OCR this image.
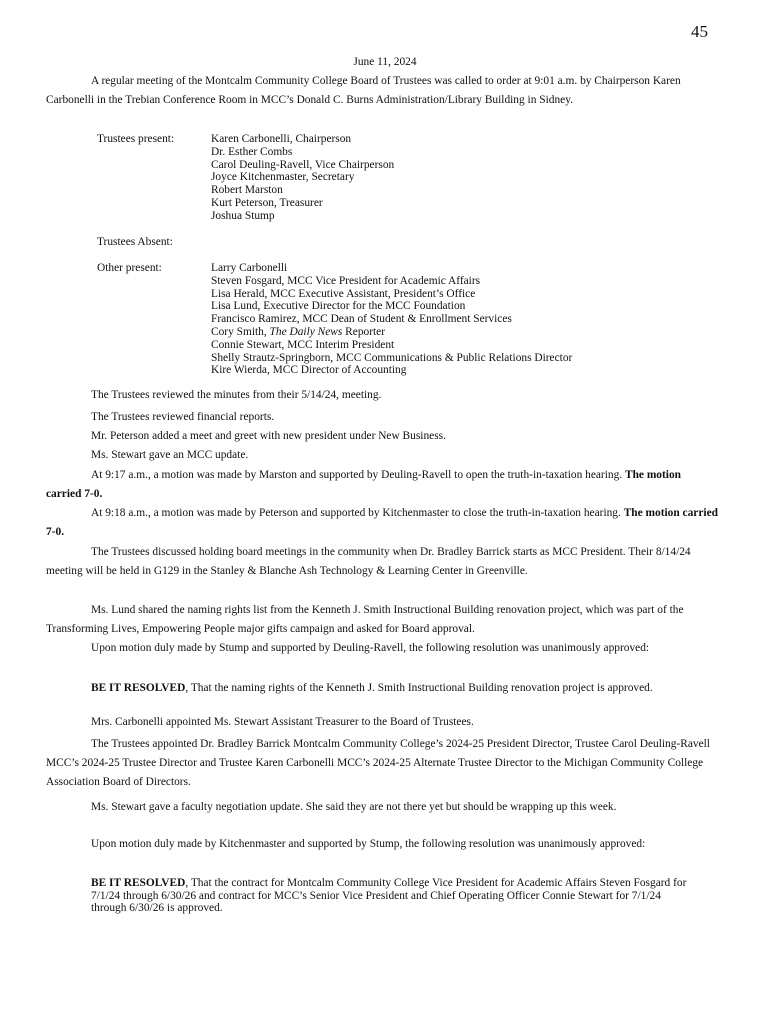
45
June 11, 2024

A regular meeting of the Montcalm Community College Board of Trustees was called to order at 9:01 a.m. by Chairperson Karen Carbonelli in the Trebian Conference Room in MCC’s Donald C. Burns Administration/Library Building in Sidney.

Trustees present:	Karen Carbonelli, Chairperson
Dr. Esther Combs
Carol Deuling-Ravell, Vice Chairperson
Joyce Kitchenmaster, Secretary
Robert Marston
Kurt Peterson, Treasurer
Joshua Stump
Trustees Absent:
Other present:	Larry Carbonelli
Steven Fosgard, MCC Vice President for Academic Affairs
Lisa Herald, MCC Executive Assistant, President’s Office
Lisa Lund, Executive Director for the MCC Foundation
Francisco Ramirez, MCC Dean of Student & Enrollment Services
Cory Smith, The Daily News Reporter
Connie Stewart, MCC Interim President
Shelly Strautz-Springborn, MCC Communications & Public Relations Director
Kire Wierda, MCC Director of Accounting

The Trustees reviewed the minutes from their 5/14/24, meeting.

The Trustees reviewed financial reports.

Mr. Peterson added a meet and greet with new president under New Business.

Ms. Stewart gave an MCC update.

At 9:17 a.m., a motion was made by Marston and supported by Deuling-Ravell to open the truth-in-taxation hearing. The motion carried 7-0.

At 9:18 a.m., a motion was made by Peterson and supported by Kitchenmaster to close the truth-in-taxation hearing. The motion carried 7-0.

The Trustees discussed holding board meetings in the community when Dr. Bradley Barrick starts as MCC President. Their 8/14/24 meeting will be held in G129 in the Stanley & Blanche Ash Technology & Learning Center in Greenville.

Ms. Lund shared the naming rights list from the Kenneth J. Smith Instructional Building renovation project, which was part of the Transforming Lives, Empowering People major gifts campaign and asked for Board approval.

Upon motion duly made by Stump and supported by Deuling-Ravell, the following resolution was unanimously approved:

BE IT RESOLVED, That the naming rights of the Kenneth J. Smith Instructional Building renovation project is approved.

Mrs. Carbonelli appointed Ms. Stewart Assistant Treasurer to the Board of Trustees.

The Trustees appointed Dr. Bradley Barrick Montcalm Community College’s 2024-25 President Director, Trustee Carol Deuling-Ravell MCC’s 2024-25 Trustee Director and Trustee Karen Carbonelli MCC’s 2024-25 Alternate Trustee Director to the Michigan Community College Association Board of Directors.

Ms. Stewart gave a faculty negotiation update. She said they are not there yet but should be wrapping up this week.

Upon motion duly made by Kitchenmaster and supported by Stump, the following resolution was unanimously approved:

BE IT RESOLVED, That the contract for Montcalm Community College Vice President for Academic Affairs Steven Fosgard for 7/1/24 through 6/30/26 and contract for MCC’s Senior Vice President and Chief Operating Officer Connie Stewart for 7/1/24 through 6/30/26 is approved.
